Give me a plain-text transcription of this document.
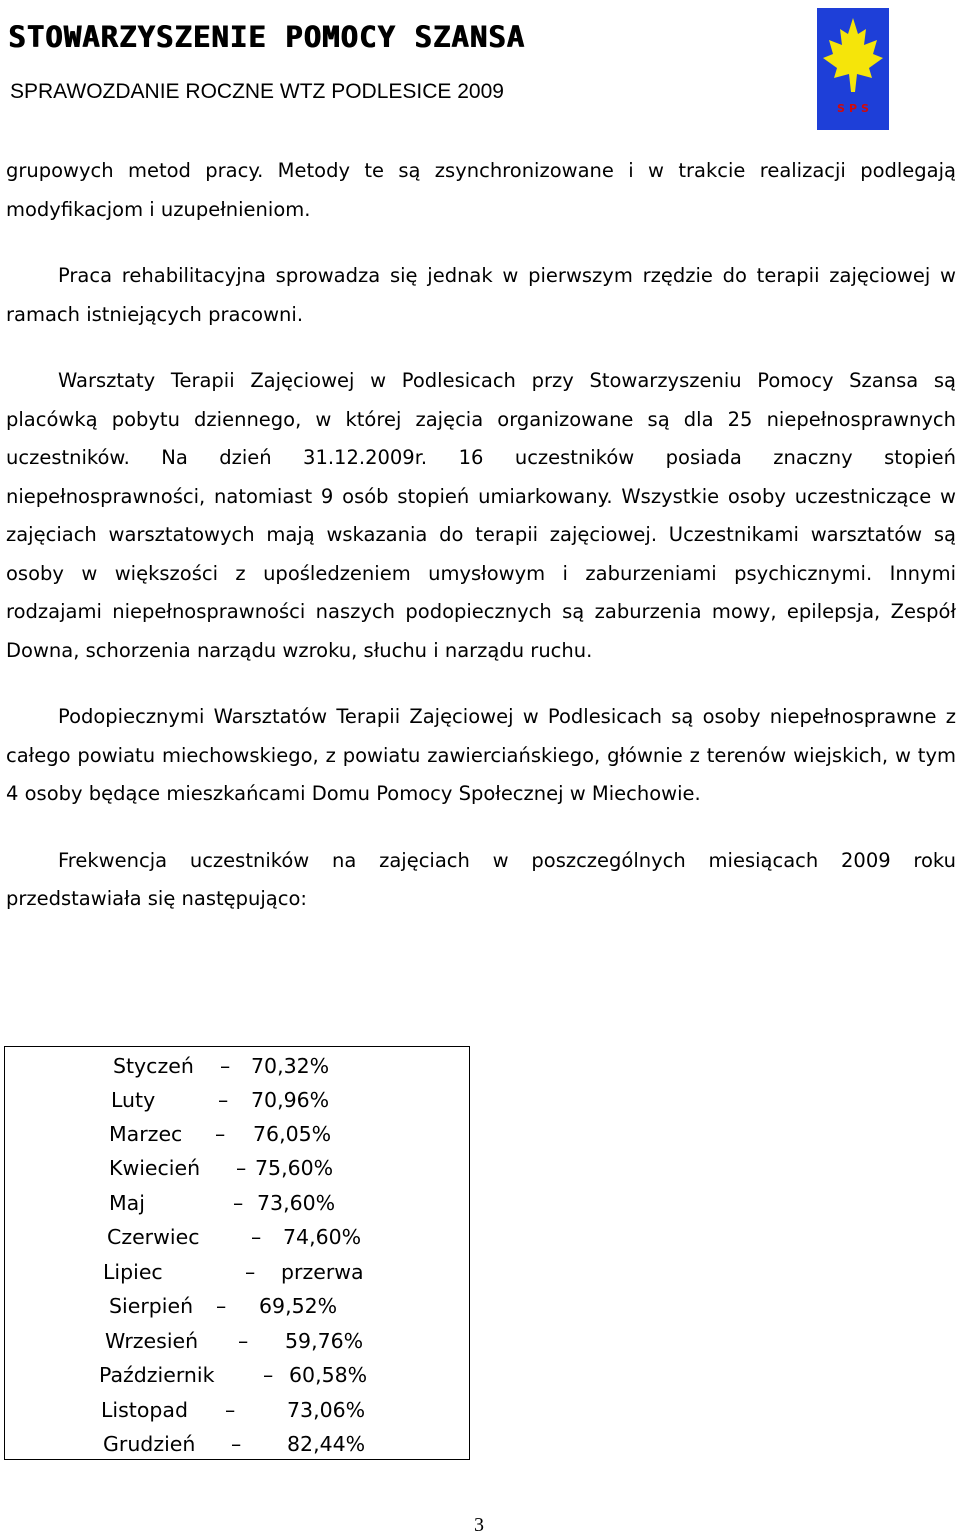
STOWARZYSZENIE POMOCY SZANSA
SPRAWOZDANIE ROCZNE WTZ PODLESICE 2009
S P S

grupowych metod pracy. Metody te są zsynchronizowane i w trakcie realizacji podlegają modyfikacjom i uzupełnieniom.

Praca rehabilitacyjna sprowadza się jednak w pierwszym rzędzie do terapii zajęciowej w ramach istniejących pracowni.

Warsztaty Terapii Zajęciowej w Podlesicach przy Stowarzyszeniu Pomocy Szansa są placówką pobytu dziennego, w której zajęcia organizowane są dla 25 niepełnosprawnych uczestników. Na dzień 31.12.2009r. 16 uczestników posiada znaczny stopień niepełnosprawności, natomiast 9 osób stopień umiarkowany. Wszystkie osoby uczestniczące w zajęciach warsztatowych mają wskazania do terapii zajęciowej. Uczestnikami warsztatów są osoby w większości z upośledzeniem umysłowym i zaburzeniami psychicznymi. Innymi rodzajami niepełnosprawności naszych podopiecznych są zaburzenia mowy, epilepsja, Zespół Downa, schorzenia narządu wzroku, słuchu i narządu ruchu.

Podopiecznymi Warsztatów Terapii Zajęciowej w Podlesicach są osoby niepełnosprawne z całego powiatu miechowskiego, z powiatu zawierciańskiego, głównie z terenów wiejskich, w tym 4 osoby będące mieszkańcami Domu Pomocy Społecznej w Miechowie.

Frekwencja uczestników na zajęciach w poszczególnych miesiącach 2009 roku przedstawiała się następująco:

Styczeń – 70,32%
Luty	– 70,96%
Marzec – 76,05%
Kwiecień – 75,60%
Maj	– 73,60%
Czerwiec	– 74,60%
Lipiec	– przerwa
Sierpień – 69,52%
Wrzesień – 59,76%
Październik – 60,58%
Listopad –	73,06%
Grudzień – 82,44%
3
